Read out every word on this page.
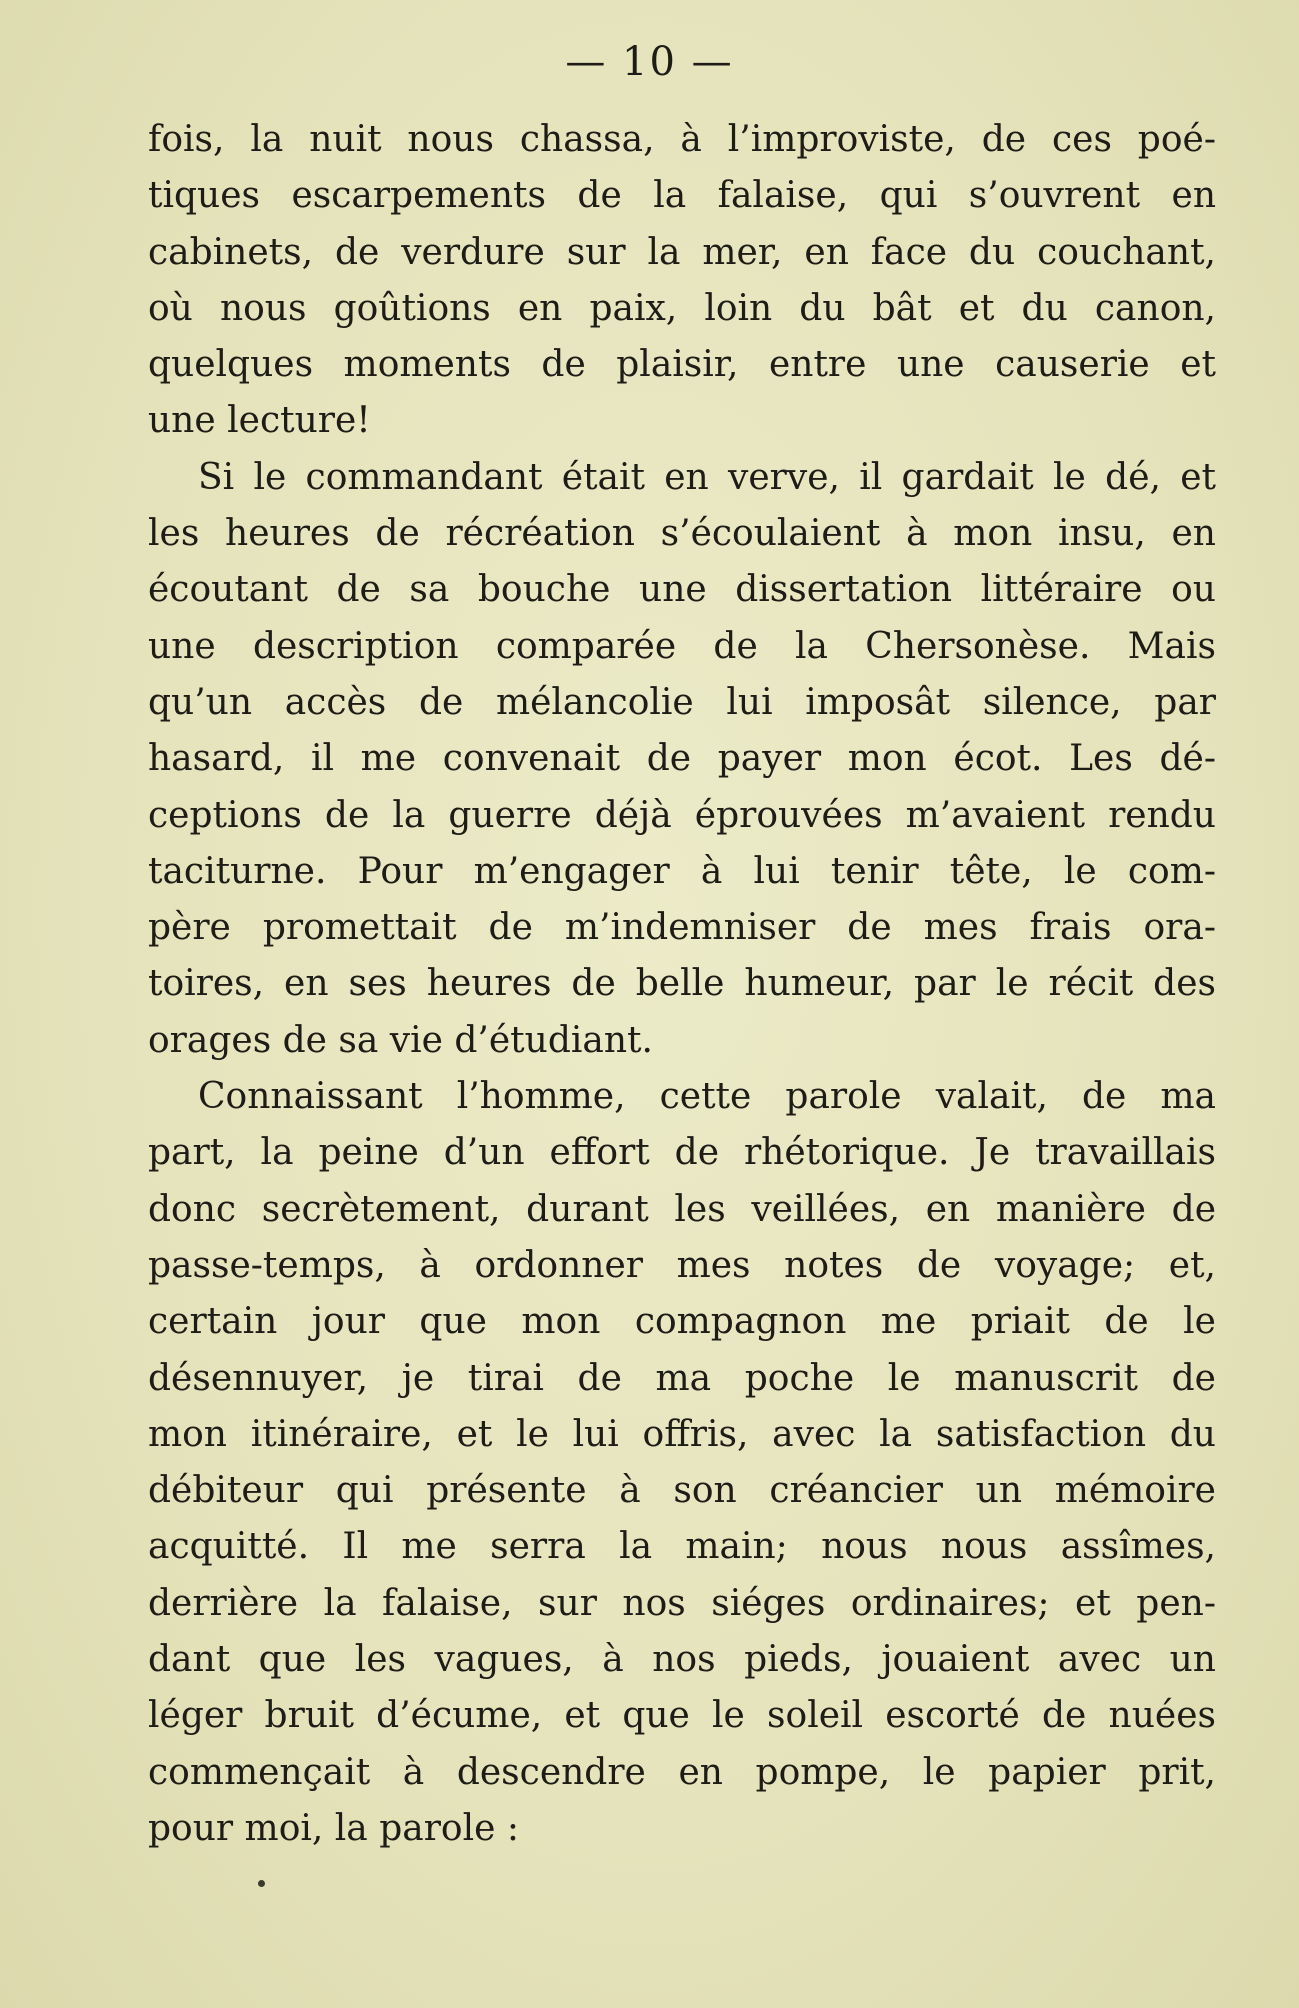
— 10 —
fois, la nuit nous chassa, à l’improviste, de ces poé-
tiques escarpements de la falaise, qui s’ouvrent en
cabinets, de verdure sur la mer, en face du couchant,
où nous goûtions en paix, loin du bât et du canon,
quelques moments de plaisir, entre une causerie et
une lecture!
Si le commandant était en verve, il gardait le dé, et
les heures de récréation s’écoulaient à mon insu, en
écoutant de sa bouche une dissertation littéraire ou
une description comparée de la Chersonèse. Mais
qu’un accès de mélancolie lui imposât silence, par
hasard, il me convenait de payer mon écot. Les dé-
ceptions de la guerre déjà éprouvées m’avaient rendu
taciturne. Pour m’engager à lui tenir tête, le com-
père promettait de m’indemniser de mes frais ora-
toires, en ses heures de belle humeur, par le récit des
orages de sa vie d’étudiant.
Connaissant l’homme, cette parole valait, de ma
part, la peine d’un effort de rhétorique. Je travaillais
donc secrètement, durant les veillées, en manière de
passe-temps, à ordonner mes notes de voyage; et,
certain jour que mon compagnon me priait de le
désennuyer, je tirai de ma poche le manuscrit de
mon itinéraire, et le lui offris, avec la satisfaction du
débiteur qui présente à son créancier un mémoire
acquitté. Il me serra la main; nous nous assîmes,
derrière la falaise, sur nos siéges ordinaires; et pen-
dant que les vagues, à nos pieds, jouaient avec un
léger bruit d’écume, et que le soleil escorté de nuées
commençait à descendre en pompe, le papier prit,
pour moi, la parole :
